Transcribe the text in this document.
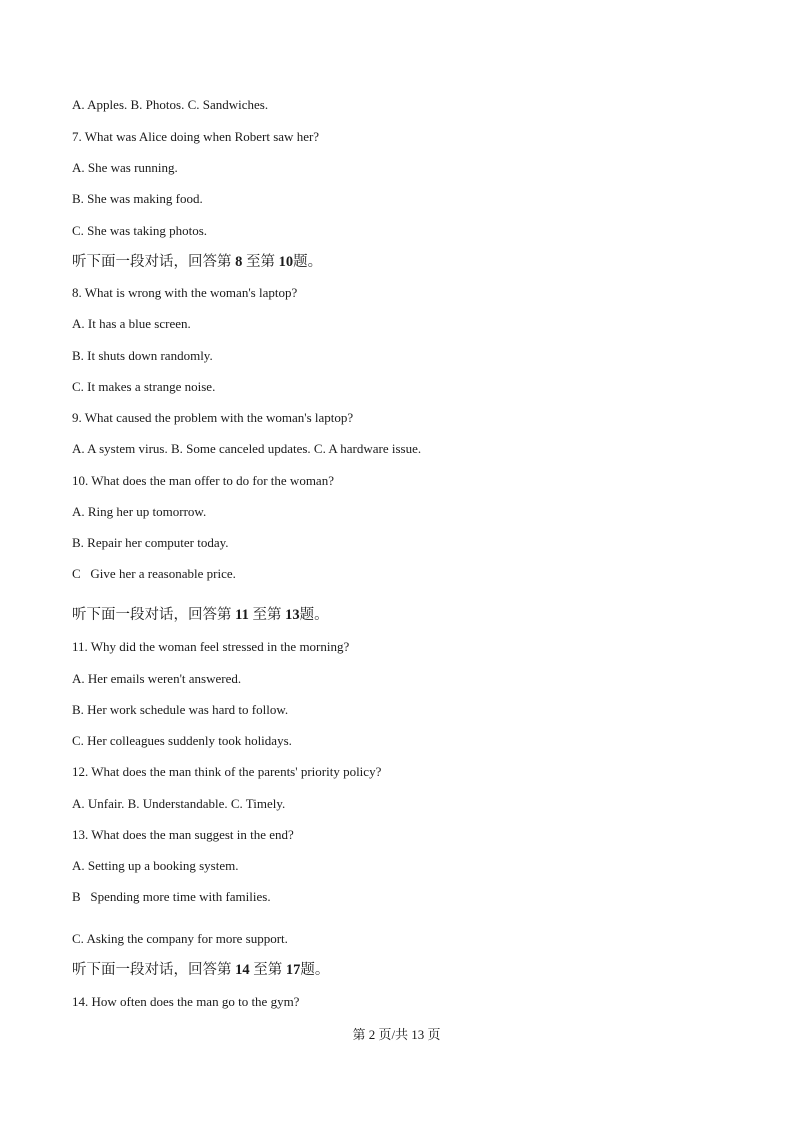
A. Apples. B. Photos. C. Sandwiches.
7. What was Alice doing when Robert saw her?
A. She was running.
B. She was making food.
C. She was taking photos.
听下面一段对话，回答第 8 至第 10题。
8. What is wrong with the woman's laptop?
A. It has a blue screen.
B. It shuts down randomly.
C. It makes a strange noise.
9. What caused the problem with the woman's laptop?
A. A system virus. B. Some canceled updates. C. A hardware issue.
10. What does the man offer to do for the woman?
A. Ring her up tomorrow.
B. Repair her computer today.
C   Give her a reasonable price.
听下面一段对话，回答第 11 至第 13题。
11. Why did the woman feel stressed in the morning?
A. Her emails weren't answered.
B. Her work schedule was hard to follow.
C. Her colleagues suddenly took holidays.
12. What does the man think of the parents' priority policy?
A. Unfair. B. Understandable. C. Timely.
13. What does the man suggest in the end?
A. Setting up a booking system.
B   Spending more time with families.
C. Asking the company for more support.
听下面一段对话，回答第 14 至第 17题。
14. How often does the man go to the gym?
第 2 页/共 13 页
